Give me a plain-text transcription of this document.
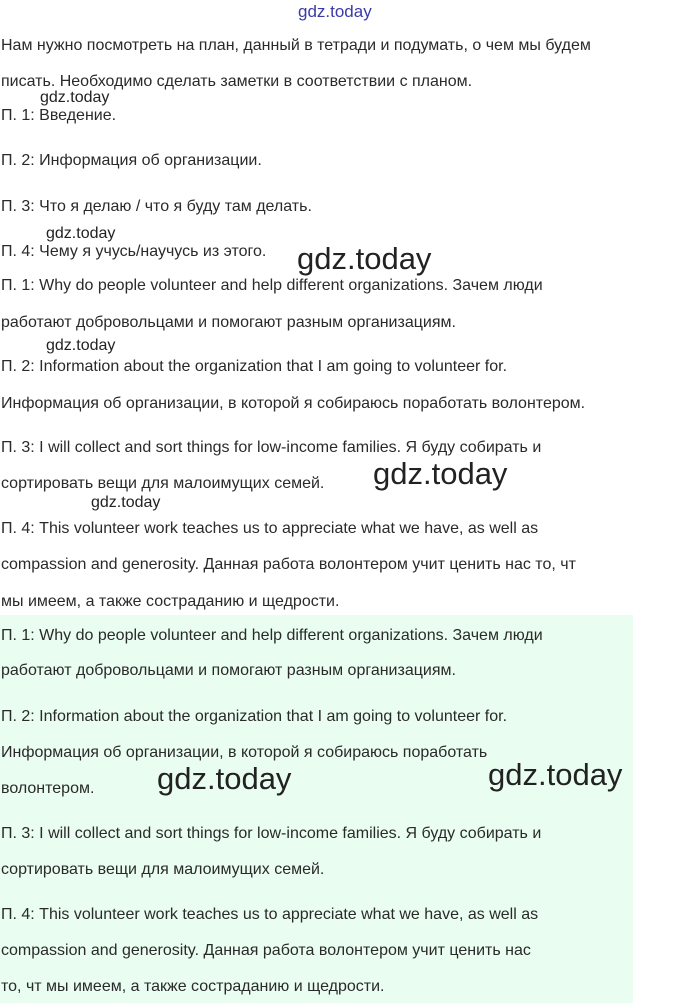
Нам нужно посмотреть на план, данный в тетради и подумать, о чем мы будем
писать. Необходимо сделать заметки в соответствии с планом.
П. 1: Введение.
П. 2: Информация об организации.
П. 3: Что я делаю / что я буду там делать.
П. 4: Чему я учусь/научусь из этого.
П. 1: Why do people volunteer and help different organizations. Зачем люди
работают добровольцами и помогают разным организациям.
П. 2: Information about the organization that I am going to volunteer for.
Информация об организации, в которой я собираюсь поработать волонтером.
П. 3: I will collect and sort things for low-income families. Я буду собирать и
сортировать вещи для малоимущих семей.
П. 4: This volunteer work teaches us to appreciate what we have, as well as
compassion and generosity. Данная работа волонтером учит ценить нас то, чт
мы имеем, а также состраданию и щедрости.
П. 1: Why do people volunteer and help different organizations. Зачем люди
работают добровольцами и помогают разным организациям.
П. 2: Information about the organization that I am going to volunteer for.
Информация об организации, в которой я собираюсь поработать
волонтером.
П. 3: I will collect and sort things for low-income families. Я буду собирать и
сортировать вещи для малоимущих семей.
П. 4: This volunteer work teaches us to appreciate what we have, as well as
compassion and generosity. Данная работа волонтером учит ценить нас
то, чт мы имеем, а также состраданию и щедрости.
gdz.today
gdz.today
gdz.today
gdz.today
gdz.today
gdz.today
gdz.today
gdz.today	gdz.today
